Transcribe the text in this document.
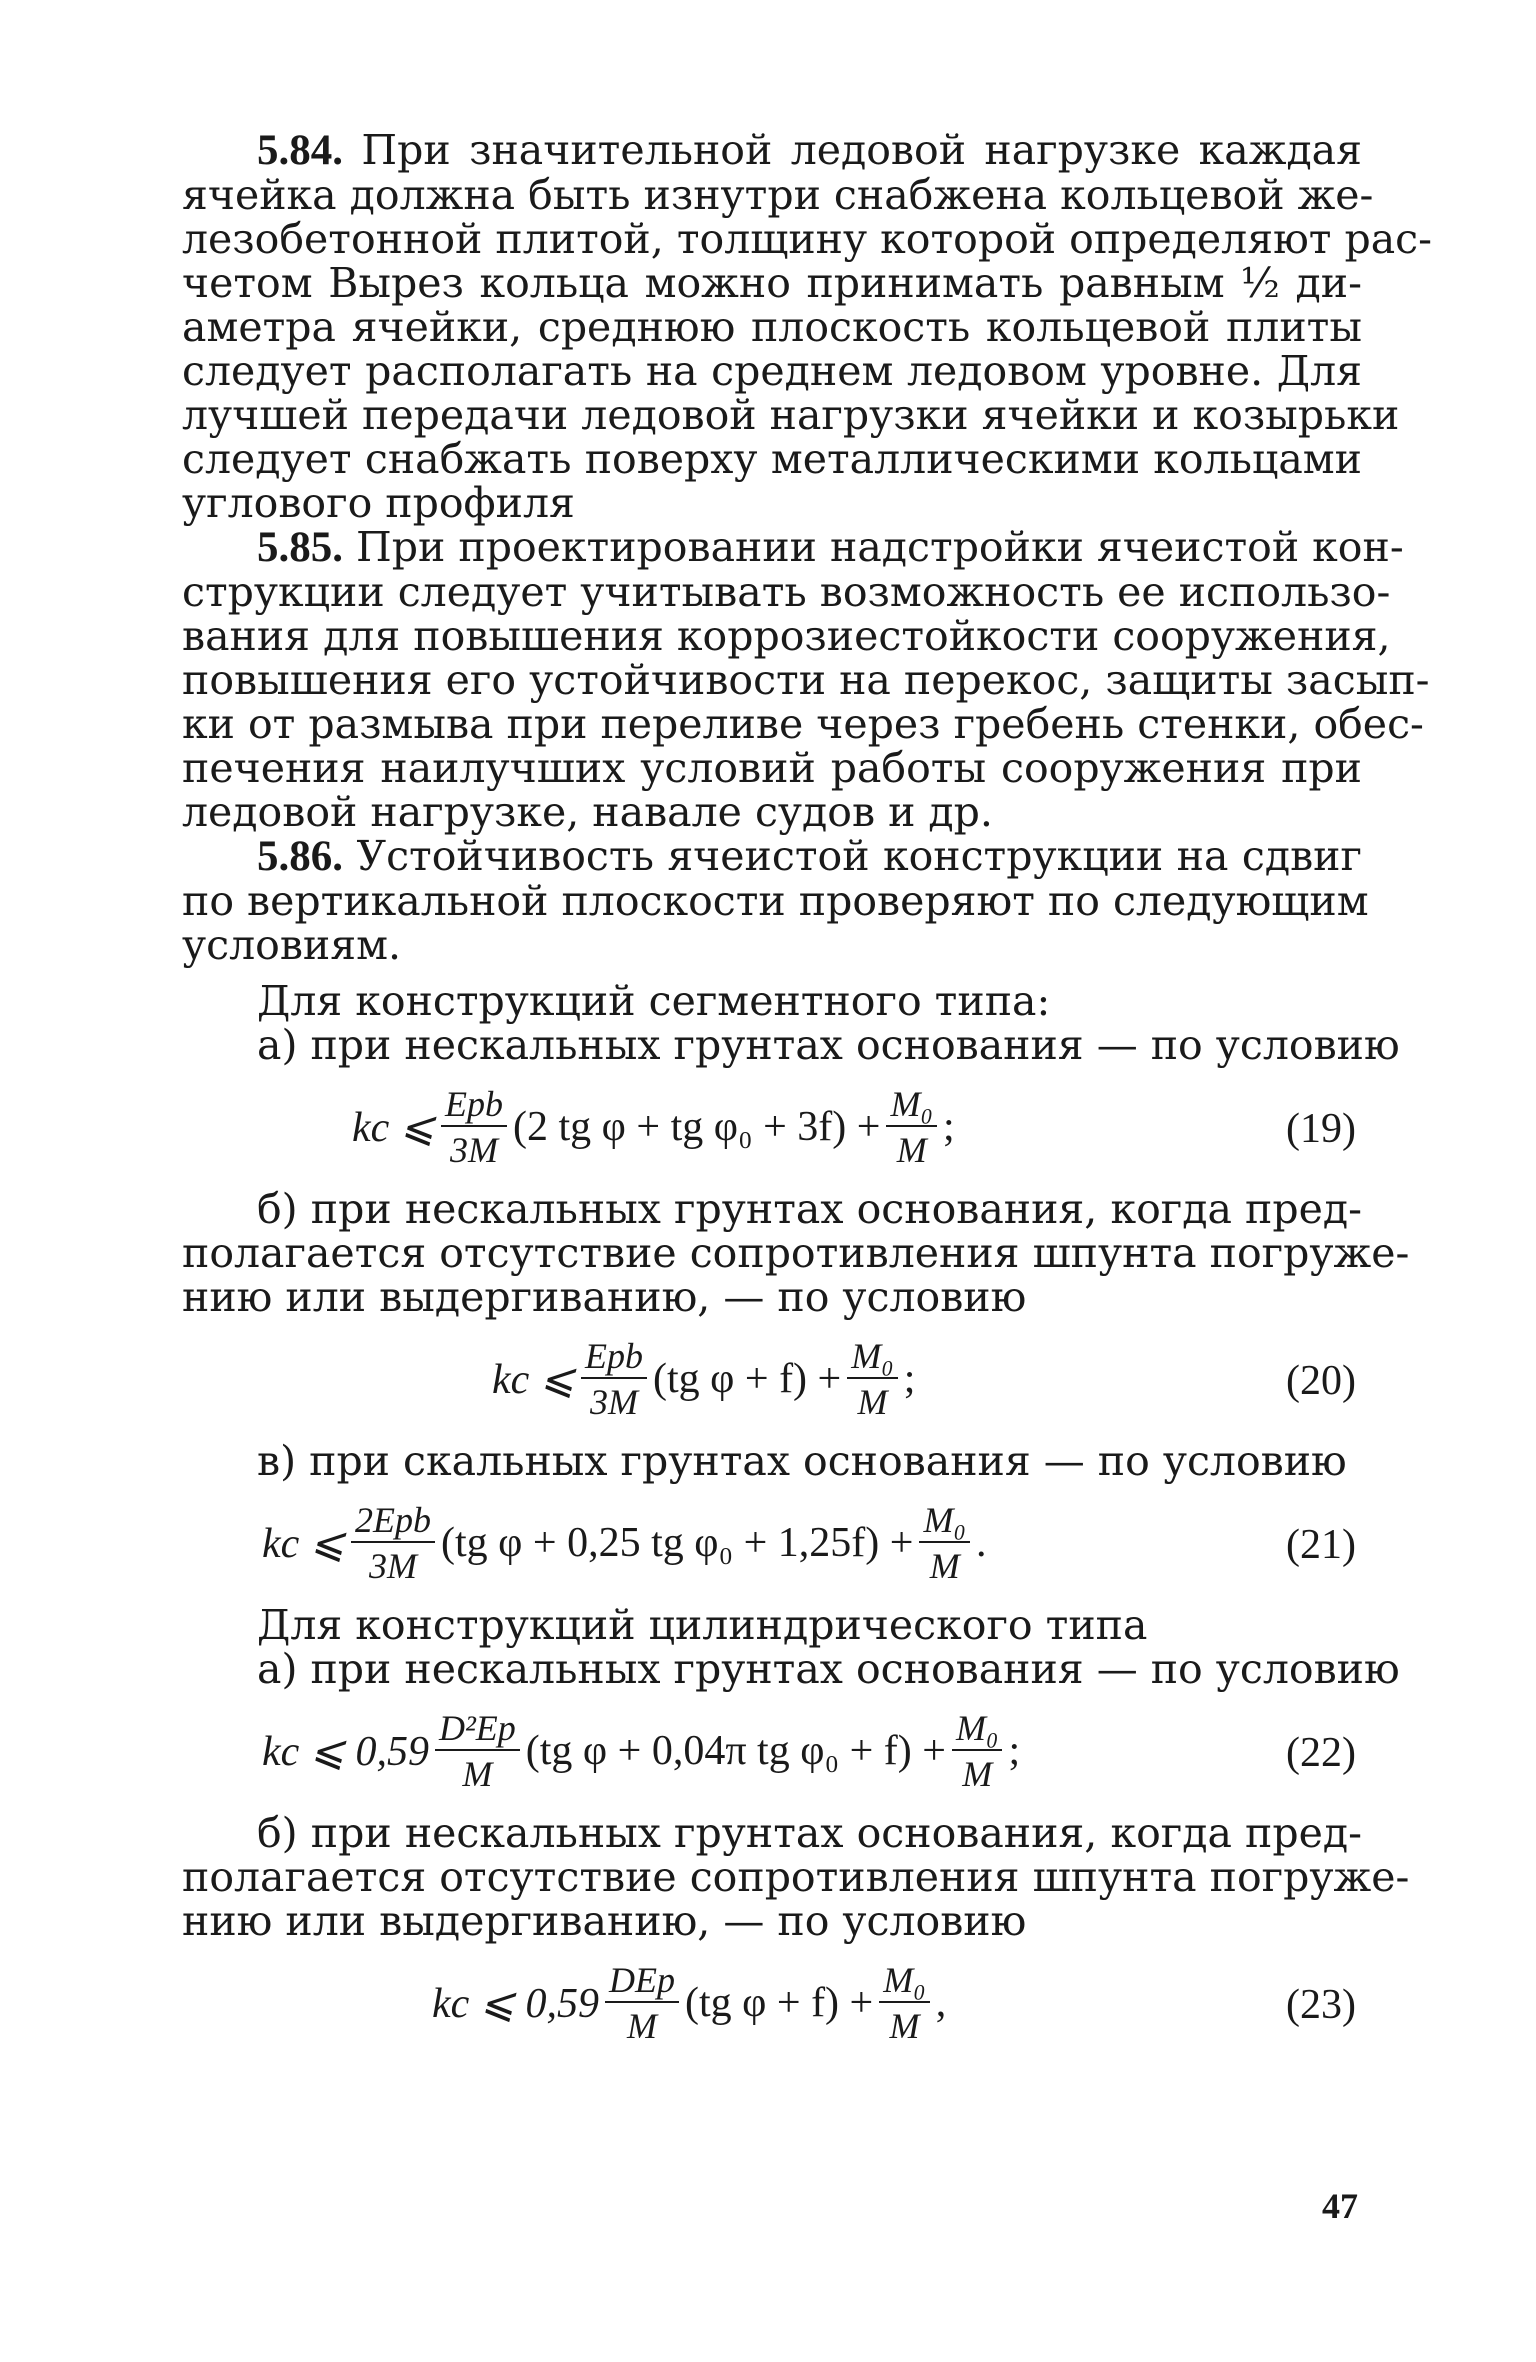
5.84. При значительной ледовой нагрузке каждая
ячейка должна быть изнутри снабжена кольцевой же-
лезобетонной плитой, толщину которой определяют рас-
четом Вырез кольца можно принимать равным ½ ди-
аметра ячейки, среднюю плоскость кольцевой плиты
следует располагать на среднем ледовом уровне. Для
лучшей передачи ледовой нагрузки ячейки и козырьки
следует снабжать поверху металлическими кольцами
углового профиля
5.85. При проектировании надстройки ячеистой кон-
струкции следует учитывать возможность ее использо-
вания для повышения коррозиестойкости сооружения,
повышения его устойчивости на перекос, защиты засып-
ки от размыва при переливе через гребень стенки, обес-
печения наилучших условий работы сооружения при
ледовой нагрузке, навале судов и др.
5.86. Устойчивость ячеистой конструкции на сдвиг
по вертикальной плоскости проверяют по следующим
условиям.
Для конструкций сегментного типа:
а) при нескальных грунтах основания — по условию
kc ⩽ $\frac{\text{Epb}}{3M} (2$ tg φ + tg $\varphi_0 + 3f) + \frac{\text{M₀}}{M}$ ;	(19)
б) при нескальных грунтах основания, когда пред-
полагается отсутствие сопротивления шпунта погруже-
нию или выдергиванию, — по условию
kc ⩽ $\frac{\text{Epb}}{3M} (tg$ $\varphi + f) + \frac{\text{M₀}}{M}$ ;	(20)
в) при скальных грунтах основания — по условию
kc ⩽ $\frac{\text{2Epb}}{3M} (tg$ φ + 0,25 tg $\varphi_0 + 1,25f) + \frac{\text{M₀}}{M}$ .	(21)
Для конструкций цилиндрического типа
а) при нескальных грунтах основания — по условию
kc ⩽ $0,59 \frac{\text{D²Ep}}{M} (tg$ φ + 0,04π tg $\varphi_0 + f) + \frac{\text{M₀}}{M}$ ;	(22)
б) при нескальных грунтах основания, когда пред-
полагается отсутствие сопротивления шпунта погруже-
нию или выдергиванию, — по условию
kc ⩽ $0,59 \frac{\text{DEp}}{M} (tg$ $\varphi + f) + \frac{\text{M₀}}{M}$ ,	(23)
47
